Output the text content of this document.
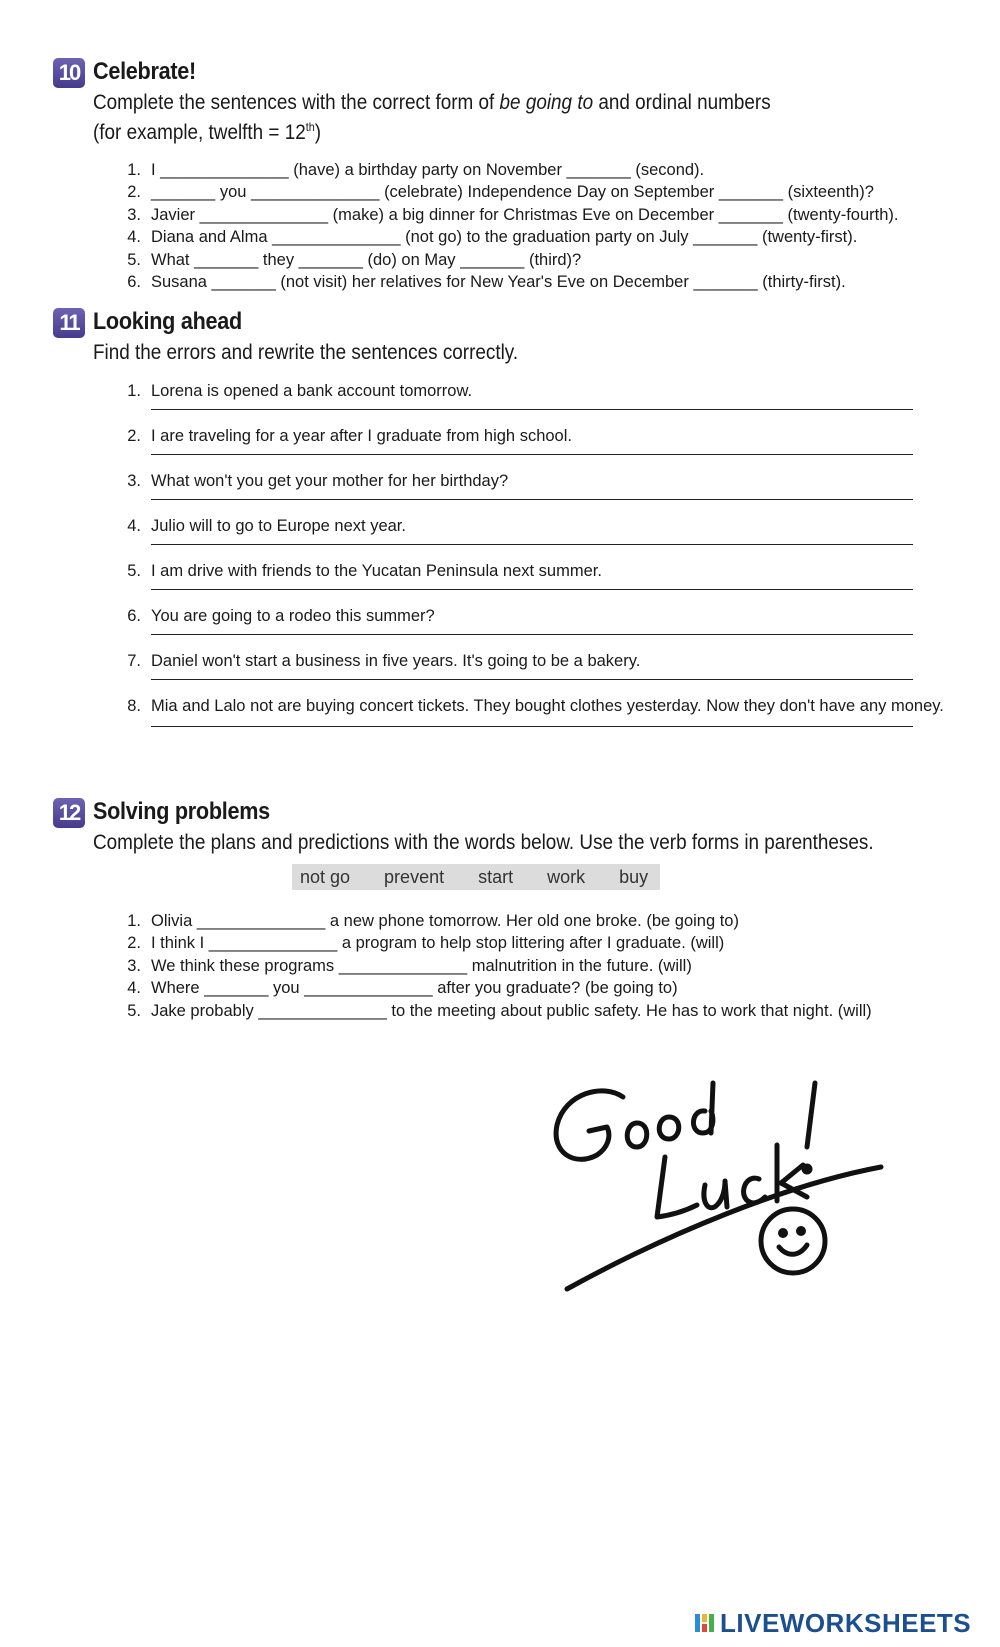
10 Celebrate!
Complete the sentences with the correct form of be going to and ordinal numbers
(for example, twelfth = 12th)
1. I ______________ (have) a birthday party on November _______ (second).
2. _______ you ______________ (celebrate) Independence Day on September _______ (sixteenth)?
3. Javier ______________ (make) a big dinner for Christmas Eve on December _______ (twenty-fourth).
4. Diana and Alma ______________ (not go) to the graduation party on July _______ (twenty-first).
5. What _______ they _______ (do) on May _______ (third)?
6. Susana _______ (not visit) her relatives for New Year's Eve on December _______ (thirty-first).
11 Looking ahead
Find the errors and rewrite the sentences correctly.
1. Lorena is opened a bank account tomorrow.
2. I are traveling for a year after I graduate from high school.
3. What won't you get your mother for her birthday?
4. Julio will to go to Europe next year.
5. I am drive with friends to the Yucatan Peninsula next summer.
6. You are going to a rodeo this summer?
7. Daniel won't start a business in five years. It's going to be a bakery.
8. Mia and Lalo not are buying concert tickets. They bought clothes yesterday. Now they don't have any money.
12 Solving problems
Complete the plans and predictions with the words below. Use the verb forms in parentheses.
not go	prevent	start	work	buy
1. Olivia ______________ a new phone tomorrow. Her old one broke. (be going to)
2. I think I ______________ a program to help stop littering after I graduate. (will)
3. We think these programs ______________ malnutrition in the future. (will)
4. Where _______ you ______________ after you graduate? (be going to)
5. Jake probably ______________ to the meeting about public safety. He has to work that night. (will)
LIVEWORKSHEETS
